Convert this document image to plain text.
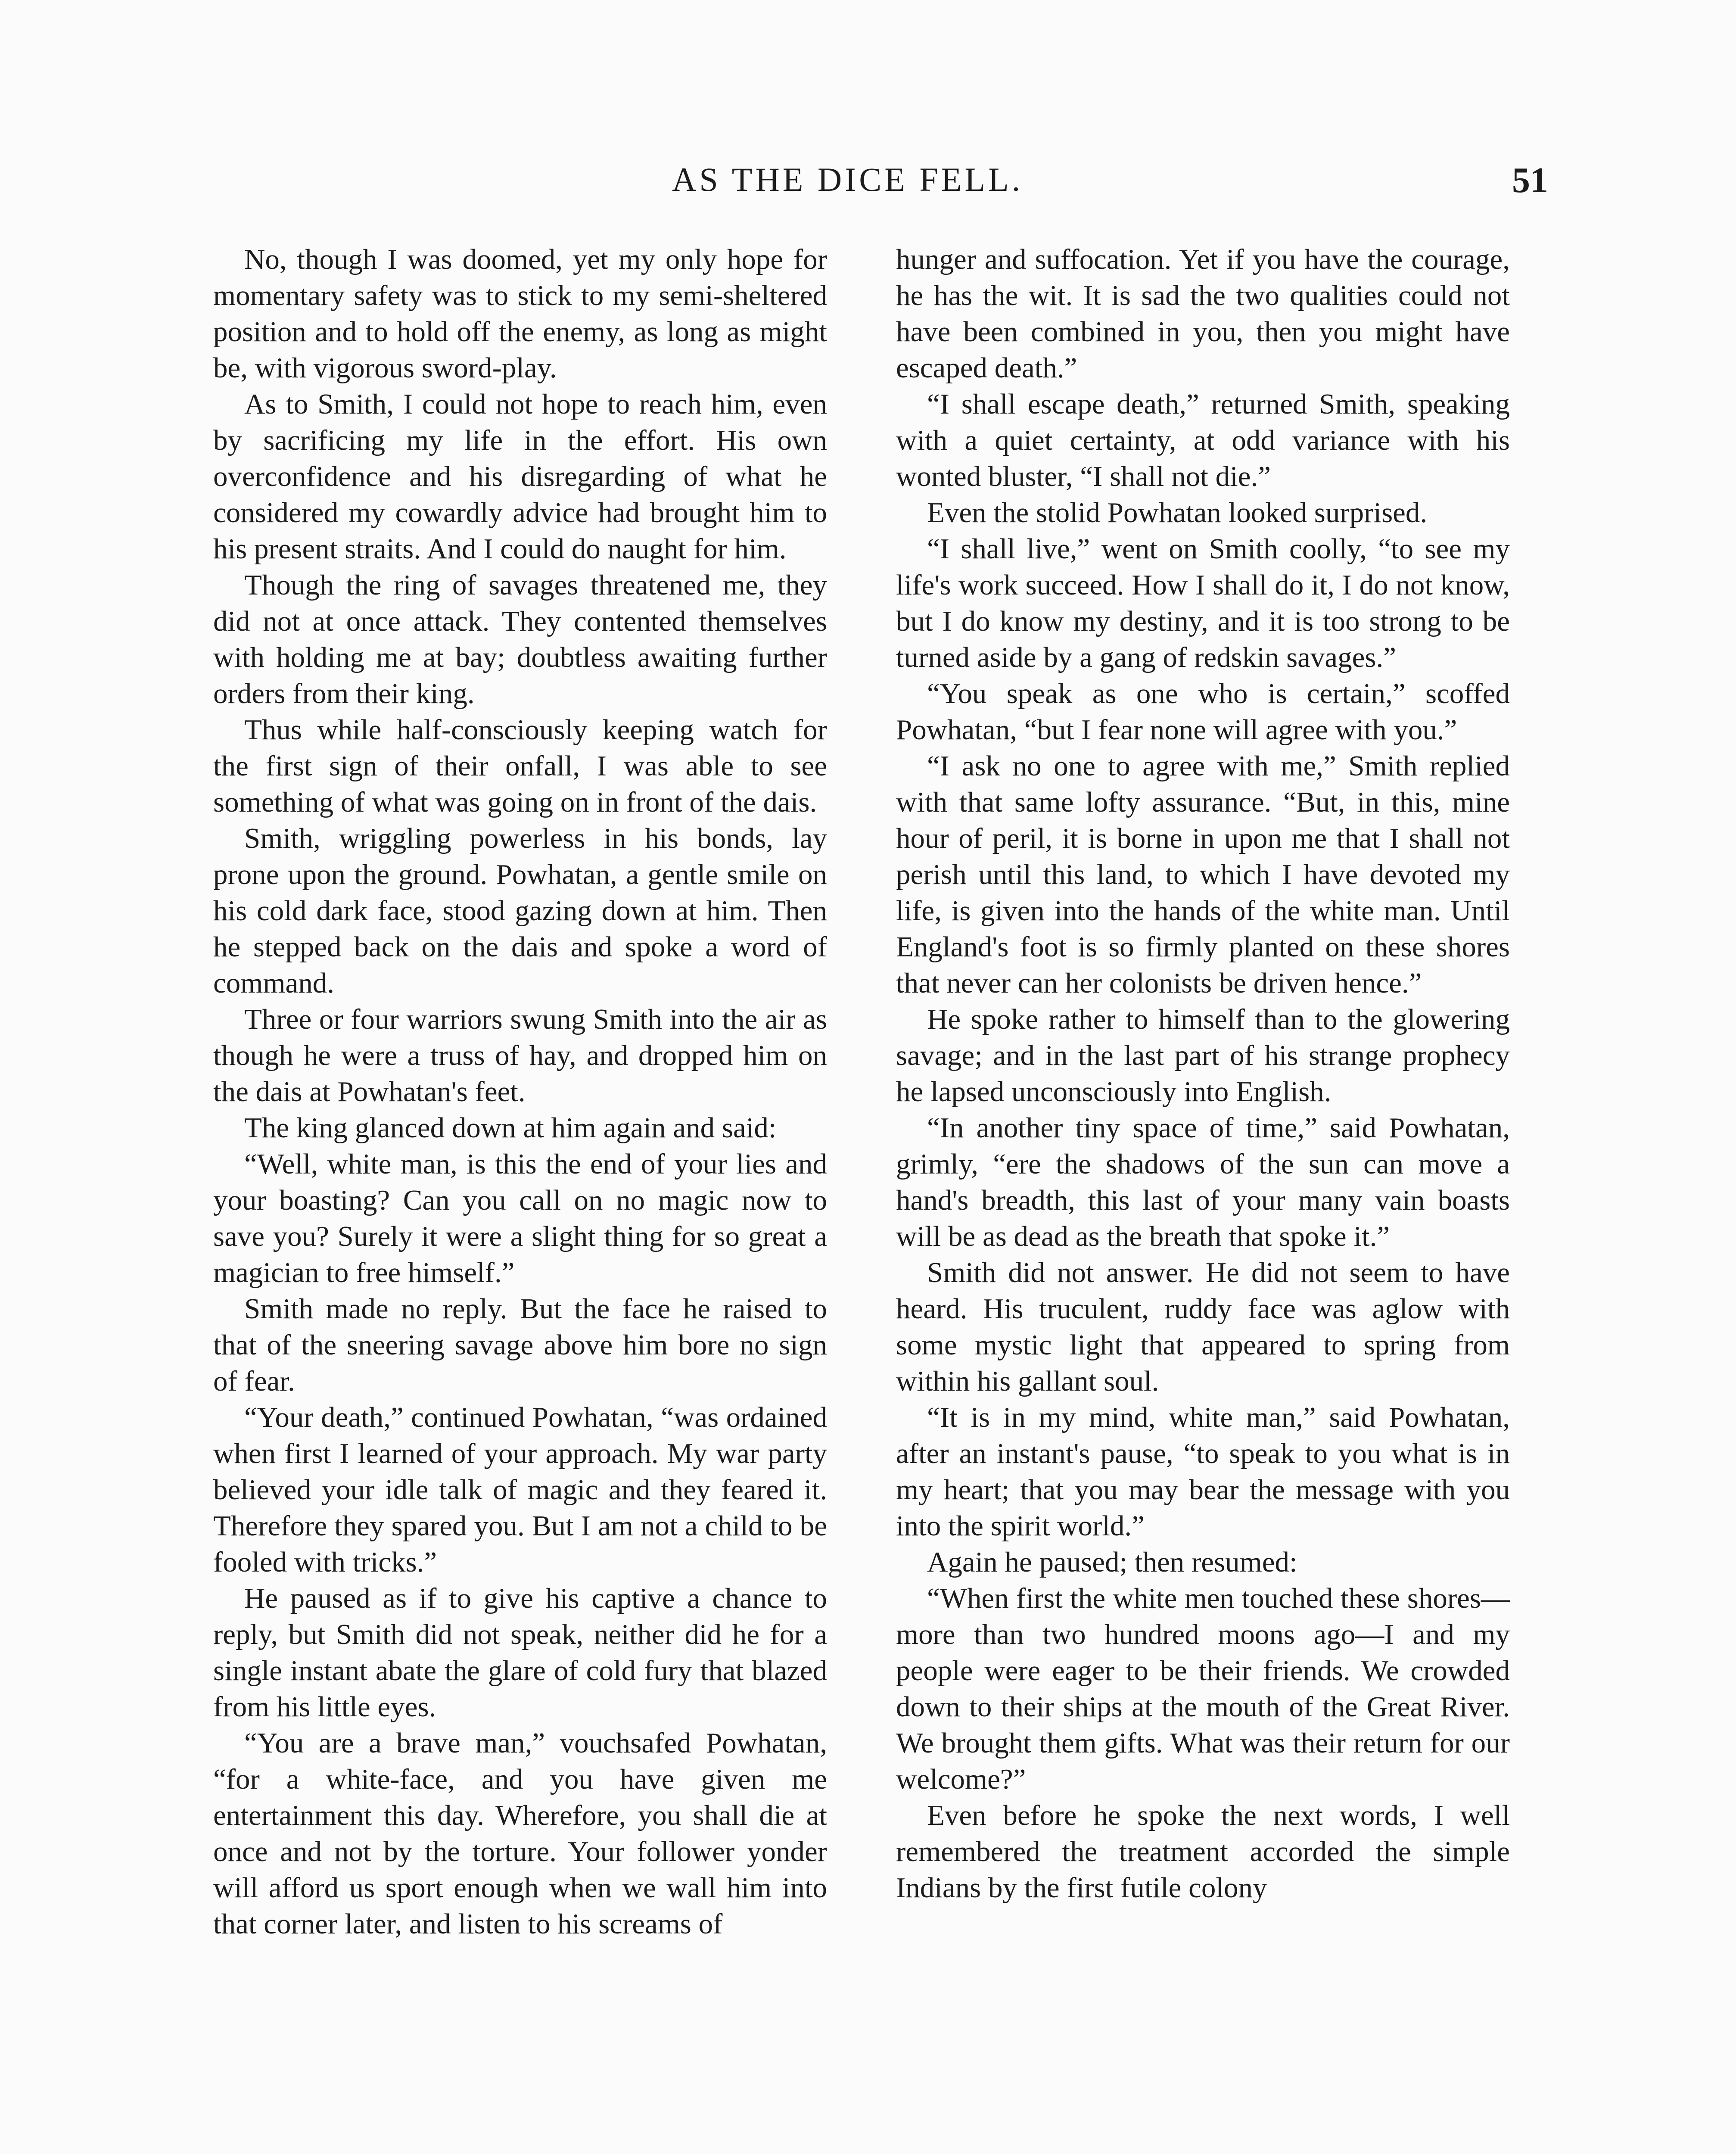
AS THE DICE FELL.	51

No, though I was doomed, yet my only hope for momentary safety was to stick to my semi-sheltered position and to hold off the enemy, as long as might be, with vigorous sword-play.

As to Smith, I could not hope to reach him, even by sacrificing my life in the effort. His own overconfidence and his disregarding of what he considered my cowardly advice had brought him to his present straits. And I could do naught for him.

Though the ring of savages threatened me, they did not at once attack. They contented themselves with holding me at bay; doubtless awaiting further orders from their king.

Thus while half-consciously keeping watch for the first sign of their onfall, I was able to see something of what was going on in front of the dais.

Smith, wriggling powerless in his bonds, lay prone upon the ground. Powhatan, a gentle smile on his cold dark face, stood gazing down at him. Then he stepped back on the dais and spoke a word of command.

Three or four warriors swung Smith into the air as though he were a truss of hay, and dropped him on the dais at Powhatan's feet.

The king glanced down at him again and said:

“Well, white man, is this the end of your lies and your boasting? Can you call on no magic now to save you? Surely it were a slight thing for so great a magician to free himself.”

Smith made no reply. But the face he raised to that of the sneering savage above him bore no sign of fear.

“Your death,” continued Powhatan, “was ordained when first I learned of your approach. My war party believed your idle talk of magic and they feared it. Therefore they spared you. But I am not a child to be fooled with tricks.”

He paused as if to give his captive a chance to reply, but Smith did not speak, neither did he for a single instant abate the glare of cold fury that blazed from his little eyes.

“You are a brave man,” vouchsafed Powhatan, “for a white-face, and you have given me entertainment this day. Wherefore, you shall die at once and not by the torture. Your follower yonder will afford us sport enough when we wall him into that corner later, and listen to his screams of

hunger and suffocation. Yet if you have the courage, he has the wit. It is sad the two qualities could not have been combined in you, then you might have escaped death.”

“I shall escape death,” returned Smith, speaking with a quiet certainty, at odd variance with his wonted bluster, “I shall not die.”

Even the stolid Powhatan looked surprised.

“I shall live,” went on Smith coolly, “to see my life's work succeed. How I shall do it, I do not know, but I do know my destiny, and it is too strong to be turned aside by a gang of redskin savages.”

“You speak as one who is certain,” scoffed Powhatan, “but I fear none will agree with you.”

“I ask no one to agree with me,” Smith replied with that same lofty assurance. “But, in this, mine hour of peril, it is borne in upon me that I shall not perish until this land, to which I have devoted my life, is given into the hands of the white man. Until England's foot is so firmly planted on these shores that never can her colonists be driven hence.”

He spoke rather to himself than to the glowering savage; and in the last part of his strange prophecy he lapsed unconsciously into English.

“In another tiny space of time,” said Powhatan, grimly, “ere the shadows of the sun can move a hand's breadth, this last of your many vain boasts will be as dead as the breath that spoke it.”

Smith did not answer. He did not seem to have heard. His truculent, ruddy face was aglow with some mystic light that appeared to spring from within his gallant soul.

“It is in my mind, white man,” said Powhatan, after an instant's pause, “to speak to you what is in my heart; that you may bear the message with you into the spirit world.”

Again he paused; then resumed:

“When first the white men touched these shores—more than two hundred moons ago—I and my people were eager to be their friends. We crowded down to their ships at the mouth of the Great River. We brought them gifts. What was their return for our welcome?”

Even before he spoke the next words, I well remembered the treatment accorded the simple Indians by the first futile colony
